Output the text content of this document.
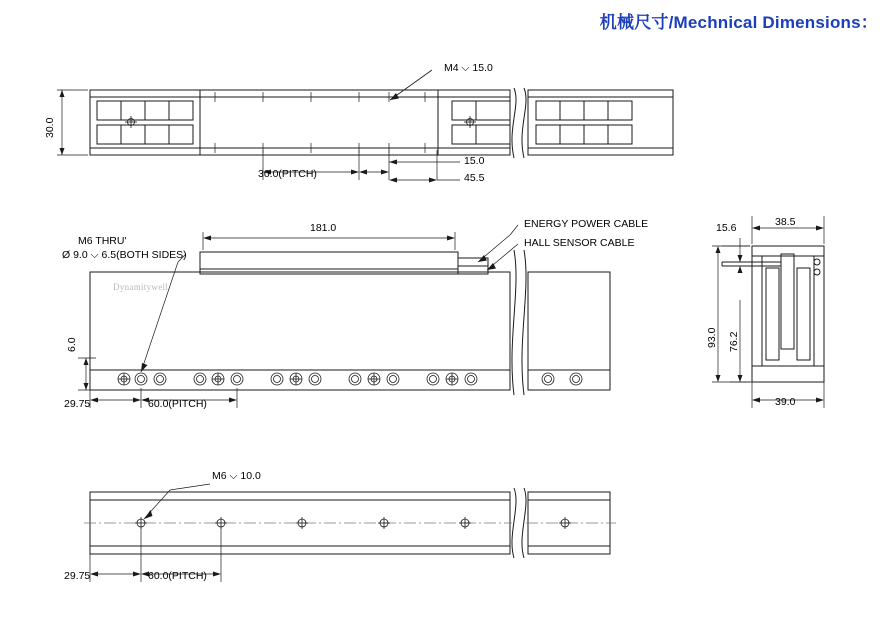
机械尺寸/Mechnical Dimensions：
M4 ⌵ 15.0
30.0
30.0(PITCH)
15.0
45.5
181.0	ENERGY POWER CABLE
HALL SENSOR CABLE
M6 THRU'
Ø 9.0 ⌵ 6.5(BOTH SIDES)
6.0
29.75	60.0(PITCH)
Dynamitywell
15.6	38.5
93.0 76.2
39.0
M6 ⌵ 10.0
29.75	60.0(PITCH)
